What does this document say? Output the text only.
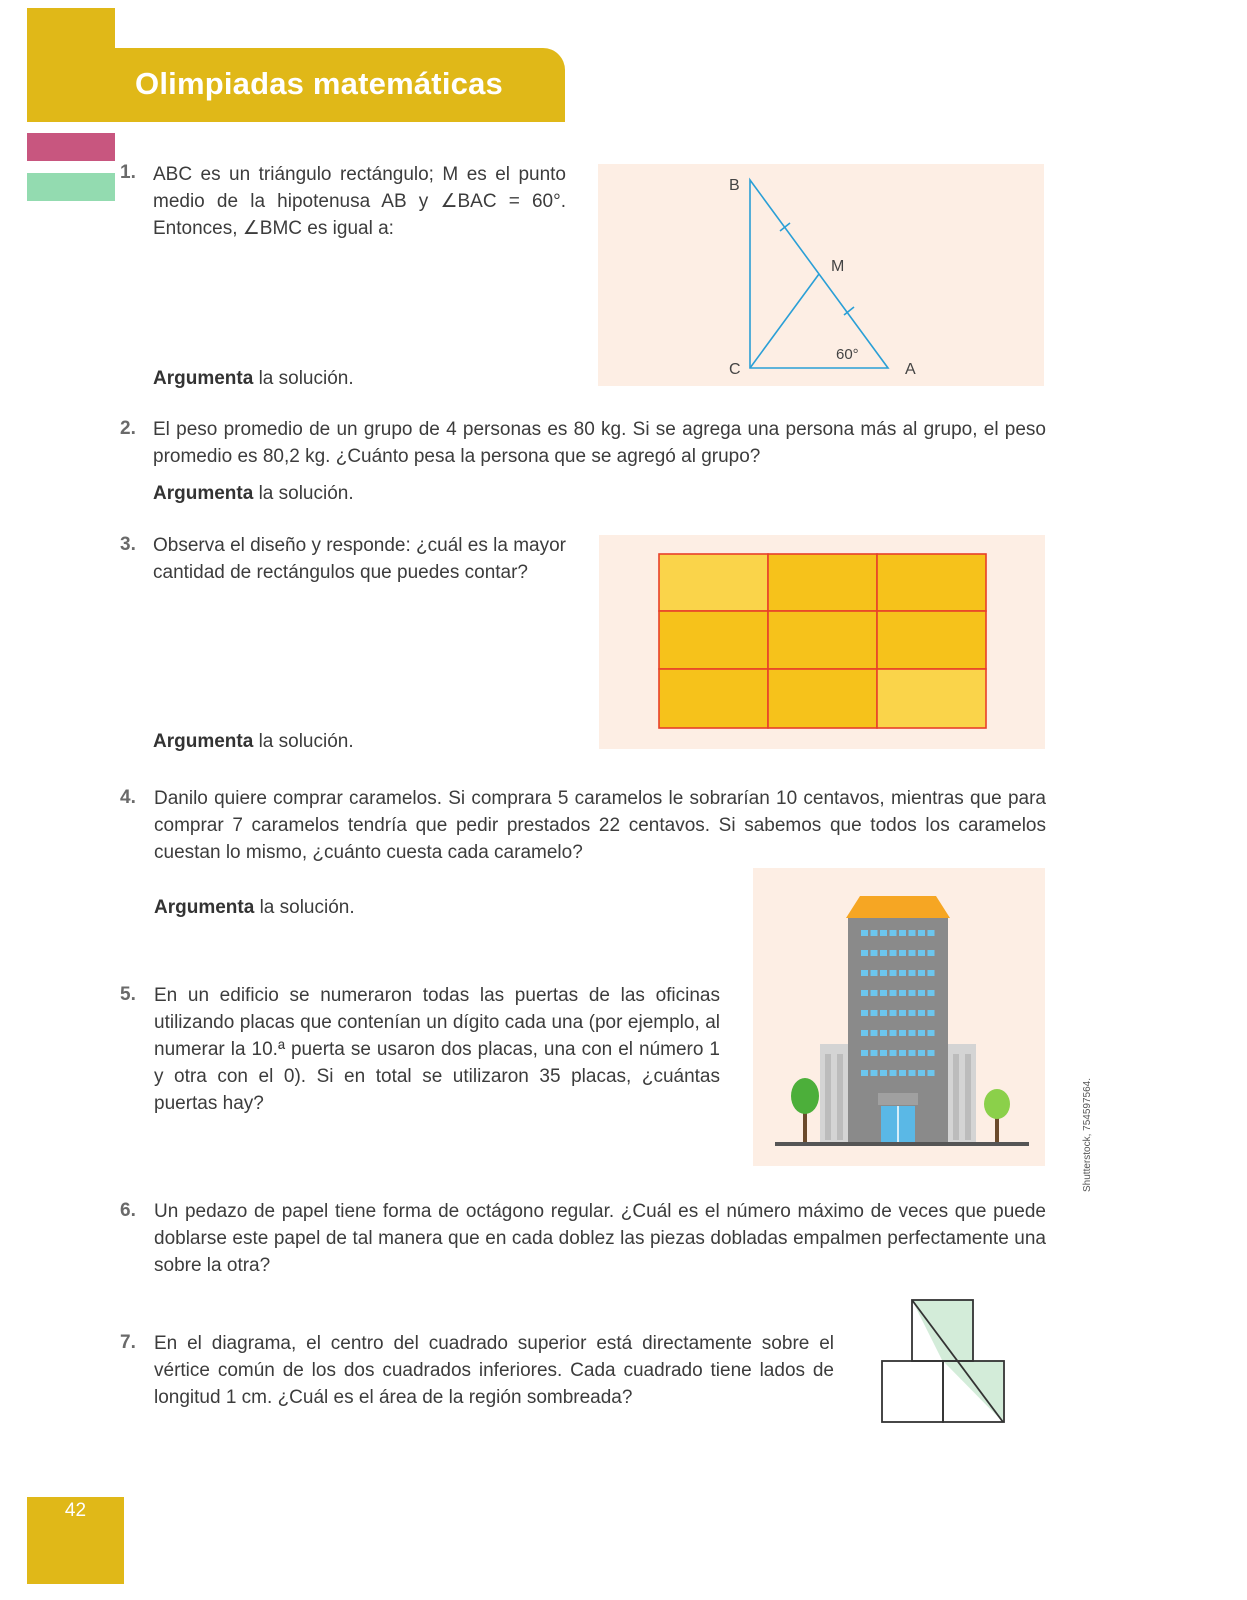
Olimpiadas matemáticas
1. ABC es un triángulo rectángulo; M es el punto medio de la hipotenusa AB y ∠BAC = 60°. Entonces, ∠BMC es igual a:
Argumenta la solución.
B
M
C	A
60°
2. El peso promedio de un grupo de 4 personas es 80 kg. Si se agrega una persona más al grupo, el peso promedio es 80,2 kg. ¿Cuánto pesa la persona que se agregó al grupo?
Argumenta la solución.
3. Observa el diseño y responde: ¿cuál es la mayor cantidad de rectángulos que puedes contar?
Argumenta la solución.
4. Danilo quiere comprar caramelos. Si comprara 5 caramelos le sobrarían 10 centavos, mientras que para comprar 7 caramelos tendría que pedir prestados 22 centavos. Si sabemos que todos los caramelos cuestan lo mismo, ¿cuánto cuesta cada caramelo?
Argumenta la solución.
Shutterstock, 754597564.
5. En un edificio se numeraron todas las puertas de las oficinas utilizando placas que contenían un dígito cada una (por ejemplo, al numerar la 10.ª puerta se usaron dos placas, una con el número 1 y otra con el 0). Si en total se utilizaron 35 placas, ¿cuántas puertas hay?
6. Un pedazo de papel tiene forma de octágono regular. ¿Cuál es el número máximo de veces que puede doblarse este papel de tal manera que en cada doblez las piezas dobladas empalmen perfectamente una sobre la otra?
7. En el diagrama, el centro del cuadrado superior está directamente sobre el vértice común de los dos cuadrados inferiores. Cada cuadrado tiene lados de longitud 1 cm. ¿Cuál es el área de la región sombreada?
42
